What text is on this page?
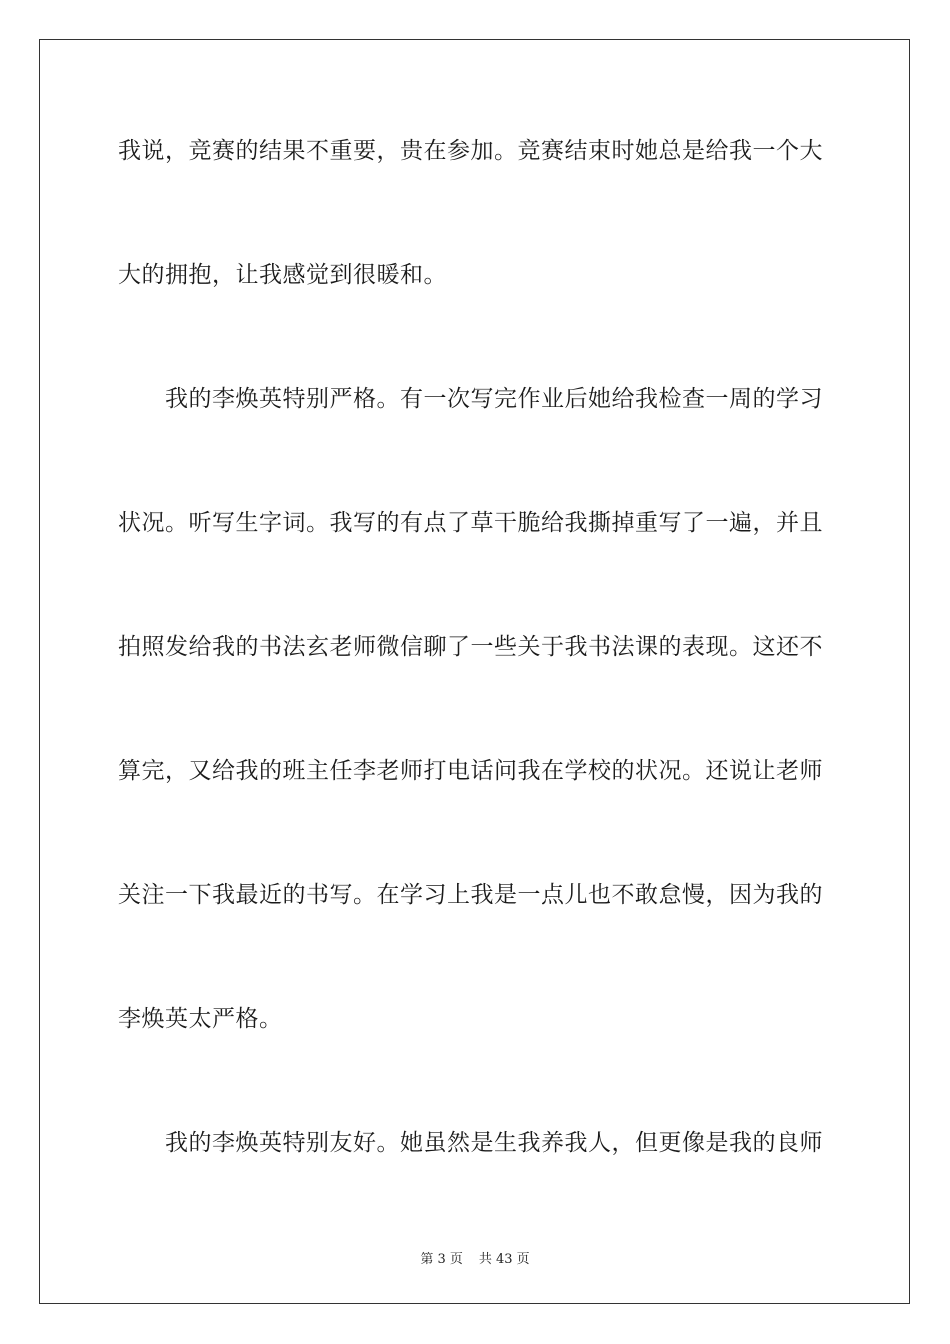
我说，竞赛的结果不重要，贵在参加。竞赛结束时她总是给我一个大
大的拥抱，让我感觉到很暖和。
我的李焕英特别严格。有一次写完作业后她给我检查一周的学习
状况。听写生字词。我写的有点了草干脆给我撕掉重写了一遍，并且
拍照发给我的书法玄老师微信聊了一些关于我书法课的表现。这还不
算完，又给我的班主任李老师打电话问我在学校的状况。还说让老师
关注一下我最近的书写。在学习上我是一点儿也不敢怠慢，因为我的
李焕英太严格。
我的李焕英特别友好。她虽然是生我养我人，但更像是我的良师
第 3 页 共 43 页
